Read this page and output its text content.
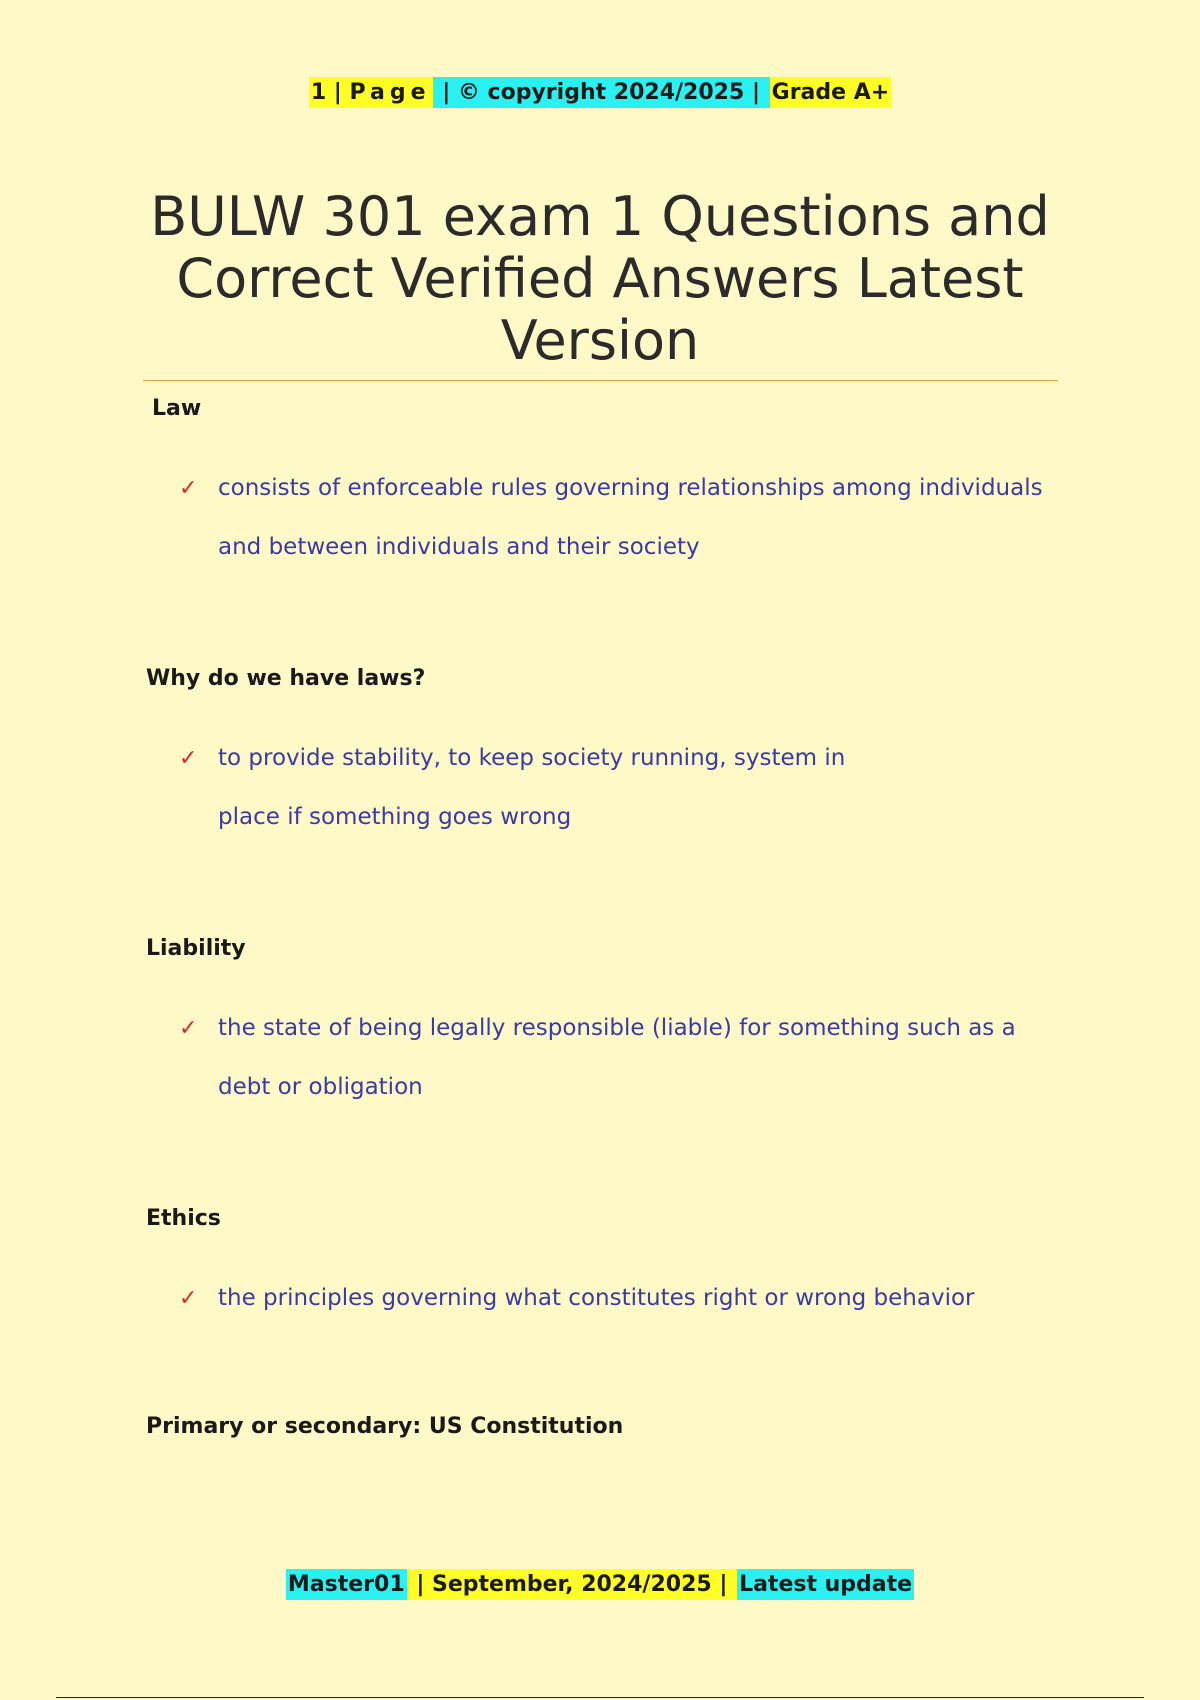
1 | Page | © copyright 2024/2025 | Grade A+
BULW 301 exam 1 Questions and Correct Verified Answers Latest Version

Law

✓ consists of enforceable rules governing relationships among individuals and between individuals and their society

Why do we have laws?

✓ to provide stability, to keep society running, system in place if something goes wrong

Liability

✓ the state of being legally responsible (liable) for something such as a debt or obligation

Ethics

✓ the principles governing what constitutes right or wrong behavior

Primary or secondary: US Constitution

Master01 | September, 2024/2025 | Latest update
